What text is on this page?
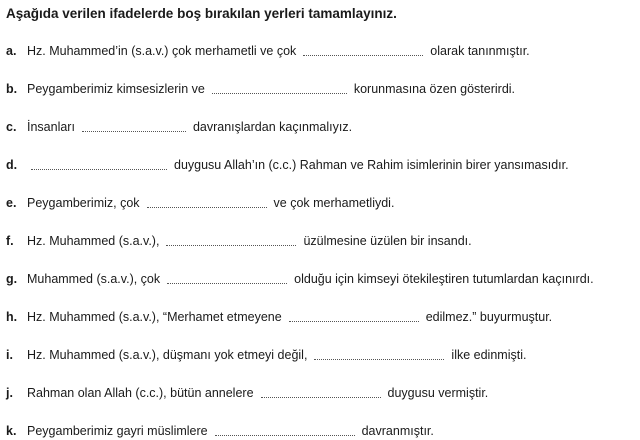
Aşağıda verilen ifadelerde boş bırakılan yerleri tamamlayınız.
a. Hz. Muhammed’in (s.a.v.) çok merhametli ve çok	olarak tanınmıştır.
b. Peygamberimiz kimsesizlerin ve	korunmasına özen gösterirdi.
c. İnsanları	davranışlardan kaçınmalıyız.
d.	duygusu Allah’ın (c.c.) Rahman ve Rahim isimlerinin birer yansımasıdır.
e. Peygamberimiz, çok	ve çok merhametliydi.
f.	Hz. Muhammed (s.a.v.),	üzülmesine üzülen bir insandı.
g. Muhammed (s.a.v.), çok	olduğu için kimseyi ötekileştiren tutumlardan kaçınırdı.
h. Hz. Muhammed (s.a.v.), “Merhamet etmeyene	edilmez.” buyurmuştur.
i.	Hz. Muhammed (s.a.v.), düşmanı yok etmeyi değil,	ilke edinmişti.
j.	Rahman olan Allah (c.c.), bütün annelere	duygusu vermiştir.
k. Peygamberimiz gayri müslimlere	davranmıştır.
